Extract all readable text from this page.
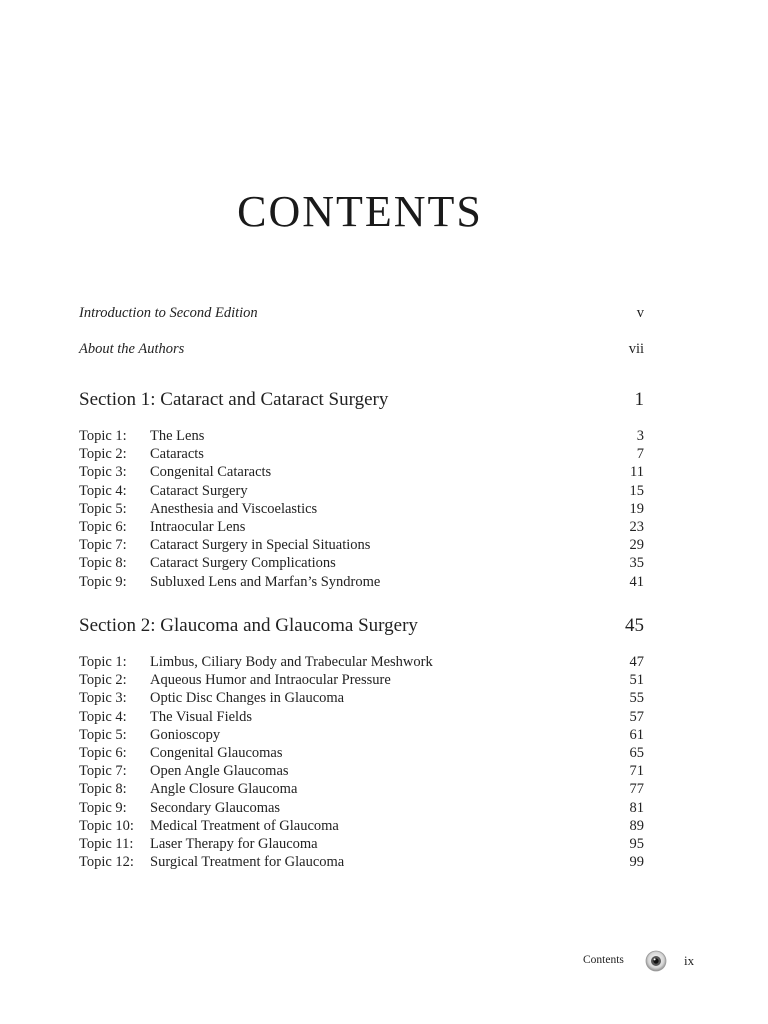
CONTENTS
Introduction to Second Edition	v
About the Authors	vii
Section 1: Cataract and Cataract Surgery	1
Topic 1:	The Lens	3
Topic 2:	Cataracts	7
Topic 3:	Congenital Cataracts	11
Topic 4:	Cataract Surgery	15
Topic 5:	Anesthesia and Viscoelastics	19
Topic 6:	Intraocular Lens	23
Topic 7:	Cataract Surgery in Special Situations	29
Topic 8:	Cataract Surgery Complications	35
Topic 9:	Subluxed Lens and Marfan’s Syndrome	41
Section 2: Glaucoma and Glaucoma Surgery	45
Topic 1:	Limbus, Ciliary Body and Trabecular Meshwork	47
Topic 2:	Aqueous Humor and Intraocular Pressure	51
Topic 3:	Optic Disc Changes in Glaucoma	55
Topic 4:	The Visual Fields	57
Topic 5:	Gonioscopy	61
Topic 6:	Congenital Glaucomas	65
Topic 7:	Open Angle Glaucomas	71
Topic 8:	Angle Closure Glaucoma	77
Topic 9:	Secondary Glaucomas	81
Topic 10:	Medical Treatment of Glaucoma	89
Topic 11:	Laser Therapy for Glaucoma	95
Topic 12:	Surgical Treatment for Glaucoma	99
Contents	ix
